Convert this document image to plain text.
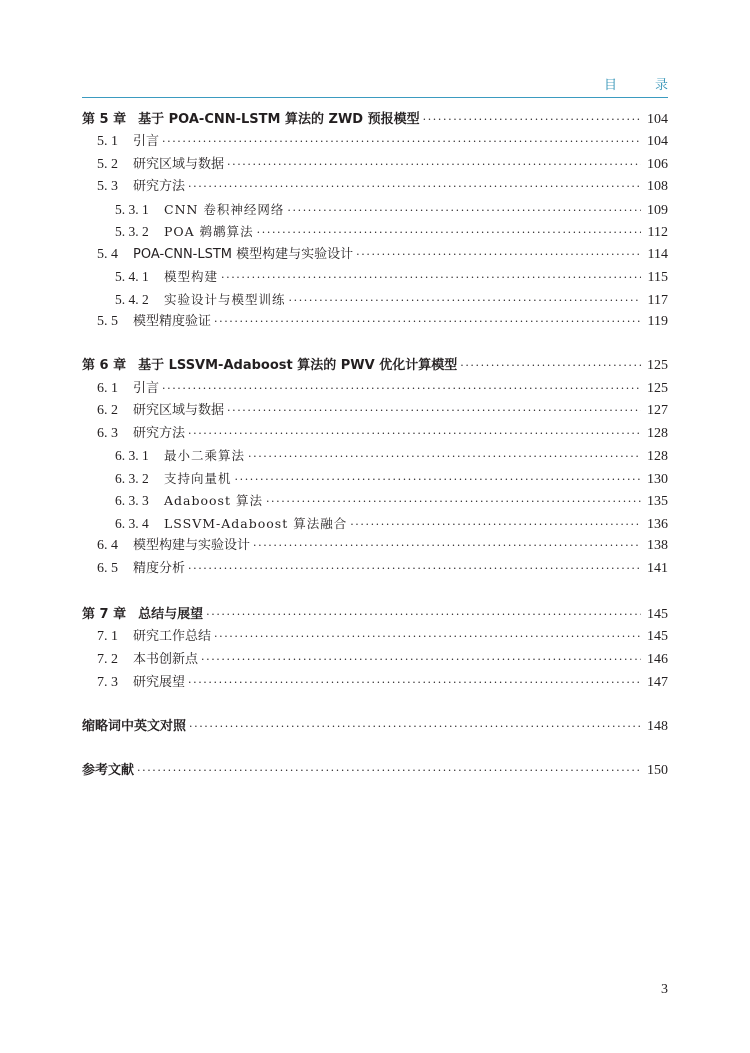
目	录
第 5 章 基于 POA-CNN-LSTM 算法的 ZWD 预报模型 ·····	104
5. 1	引言 ·····	104
5. 2	研究区域与数据 ·····	106
5. 3	研究方法 ·····	108
5. 3. 1	CNN 卷积神经网络 ·····	109
5. 3. 2	POA 鹈鹕算法 ·····	112
5. 4	POA-CNN-LSTM 模型构建与实验设计 ·····	114
5. 4. 1	模型构建 ·····	115
5. 4. 2	实验设计与模型训练 ·····	117
5. 5	模型精度验证 ·····	119
第 6 章 基于 LSSVM-Adaboost 算法的 PWV 优化计算模型 ·····	125
6. 1	引言 ·····	125
6. 2	研究区域与数据 ·····	127
6. 3	研究方法 ·····	128
6. 3. 1	最小二乘算法 ·····	128
6. 3. 2	支持向量机 ·····	130
6. 3. 3	Adaboost 算法 ·····	135
6. 3. 4	LSSVM-Adaboost 算法融合 ·····	136
6. 4	模型构建与实验设计 ·····	138
6. 5	精度分析 ·····	141
第 7 章 总结与展望 ·····	145
7. 1	研究工作总结 ·····	145
7. 2	本书创新点 ·····	146
7. 3	研究展望 ·····	147
缩略词中英文对照 ·····	148
参考文献 ·····	150
3
